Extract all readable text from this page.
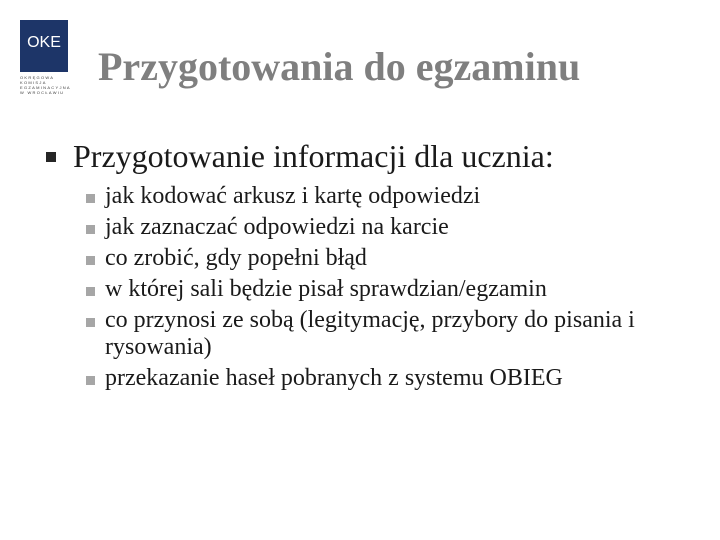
OKE
OKRĘGOWA
KOMISJA
EGZAMINACYJNA
W WROCŁAWIU
Przygotowania do egzaminu
Przygotowanie informacji dla ucznia:
jak kodować arkusz i kartę odpowiedzi
jak zaznaczać odpowiedzi na karcie
co zrobić, gdy popełni błąd
w której sali będzie pisał sprawdzian/egzamin
co przynosi ze sobą (legitymację, przybory do pisania i rysowania)
przekazanie haseł pobranych z systemu OBIEG
